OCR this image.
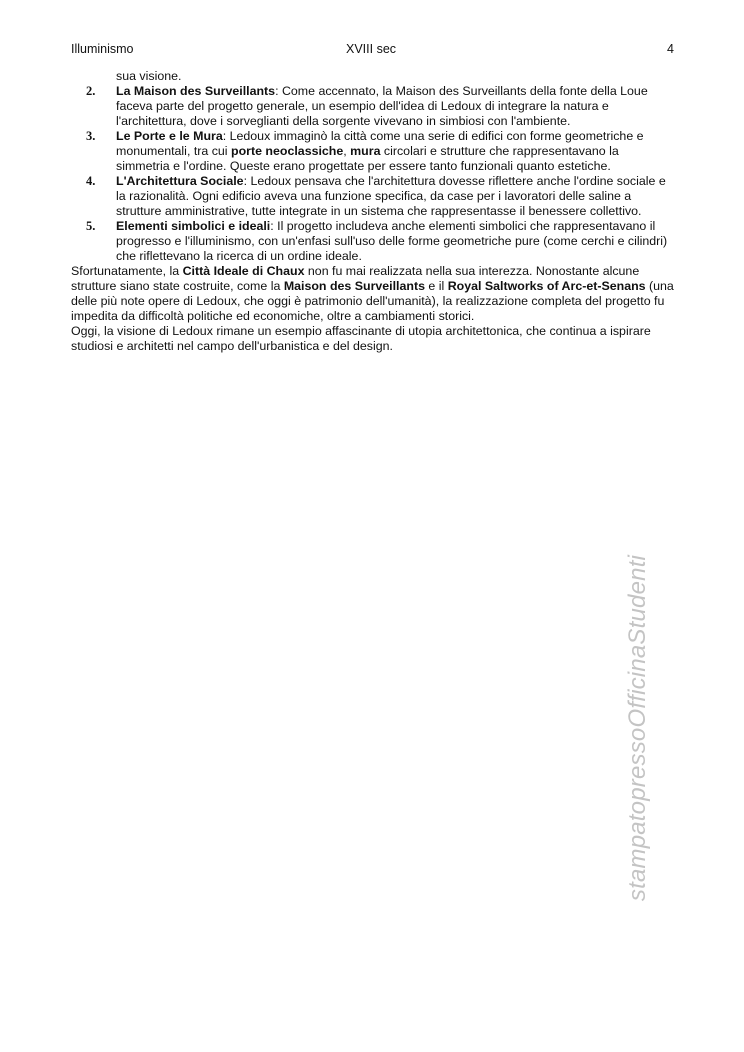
Illuminismo	XVIII sec	4
sua visione.
2. La Maison des Surveillants: Come accennato, la Maison des Surveillants della fonte della Loue faceva parte del progetto generale, un esempio dell'idea di Ledoux di integrare la natura e l'architettura, dove i sorveglianti della sorgente vivevano in simbiosi con l'ambiente.
3. Le Porte e le Mura: Ledoux immaginò la città come una serie di edifici con forme geometriche e monumentali, tra cui porte neoclassiche, mura circolari e strutture che rappresentavano la simmetria e l'ordine. Queste erano progettate per essere tanto funzionali quanto estetiche.
4. L'Architettura Sociale: Ledoux pensava che l'architettura dovesse riflettere anche l'ordine sociale e la razionalità. Ogni edificio aveva una funzione specifica, da case per i lavoratori delle saline a strutture amministrative, tutte integrate in un sistema che rappresentasse il benessere collettivo.
5. Elementi simbolici e ideali: Il progetto includeva anche elementi simbolici che rappresentavano il progresso e l'illuminismo, con un'enfasi sull'uso delle forme geometriche pure (come cerchi e cilindri) che riflettevano la ricerca di un ordine ideale.

Sfortunatamente, la Città Ideale di Chaux non fu mai realizzata nella sua interezza. Nonostante alcune strutture siano state costruite, come la Maison des Surveillants e il Royal Saltworks of Arc-et-Senans (una delle più note opere di Ledoux, che oggi è patrimonio dell'umanità), la realizzazione completa del progetto fu impedita da difficoltà politiche ed economiche, oltre a cambiamenti storici.

Oggi, la visione di Ledoux rimane un esempio affascinante di utopia architettonica, che continua a ispirare studiosi e architetti nel campo dell'urbanistica e del design.

stampatopressoOfficinaStudenti
